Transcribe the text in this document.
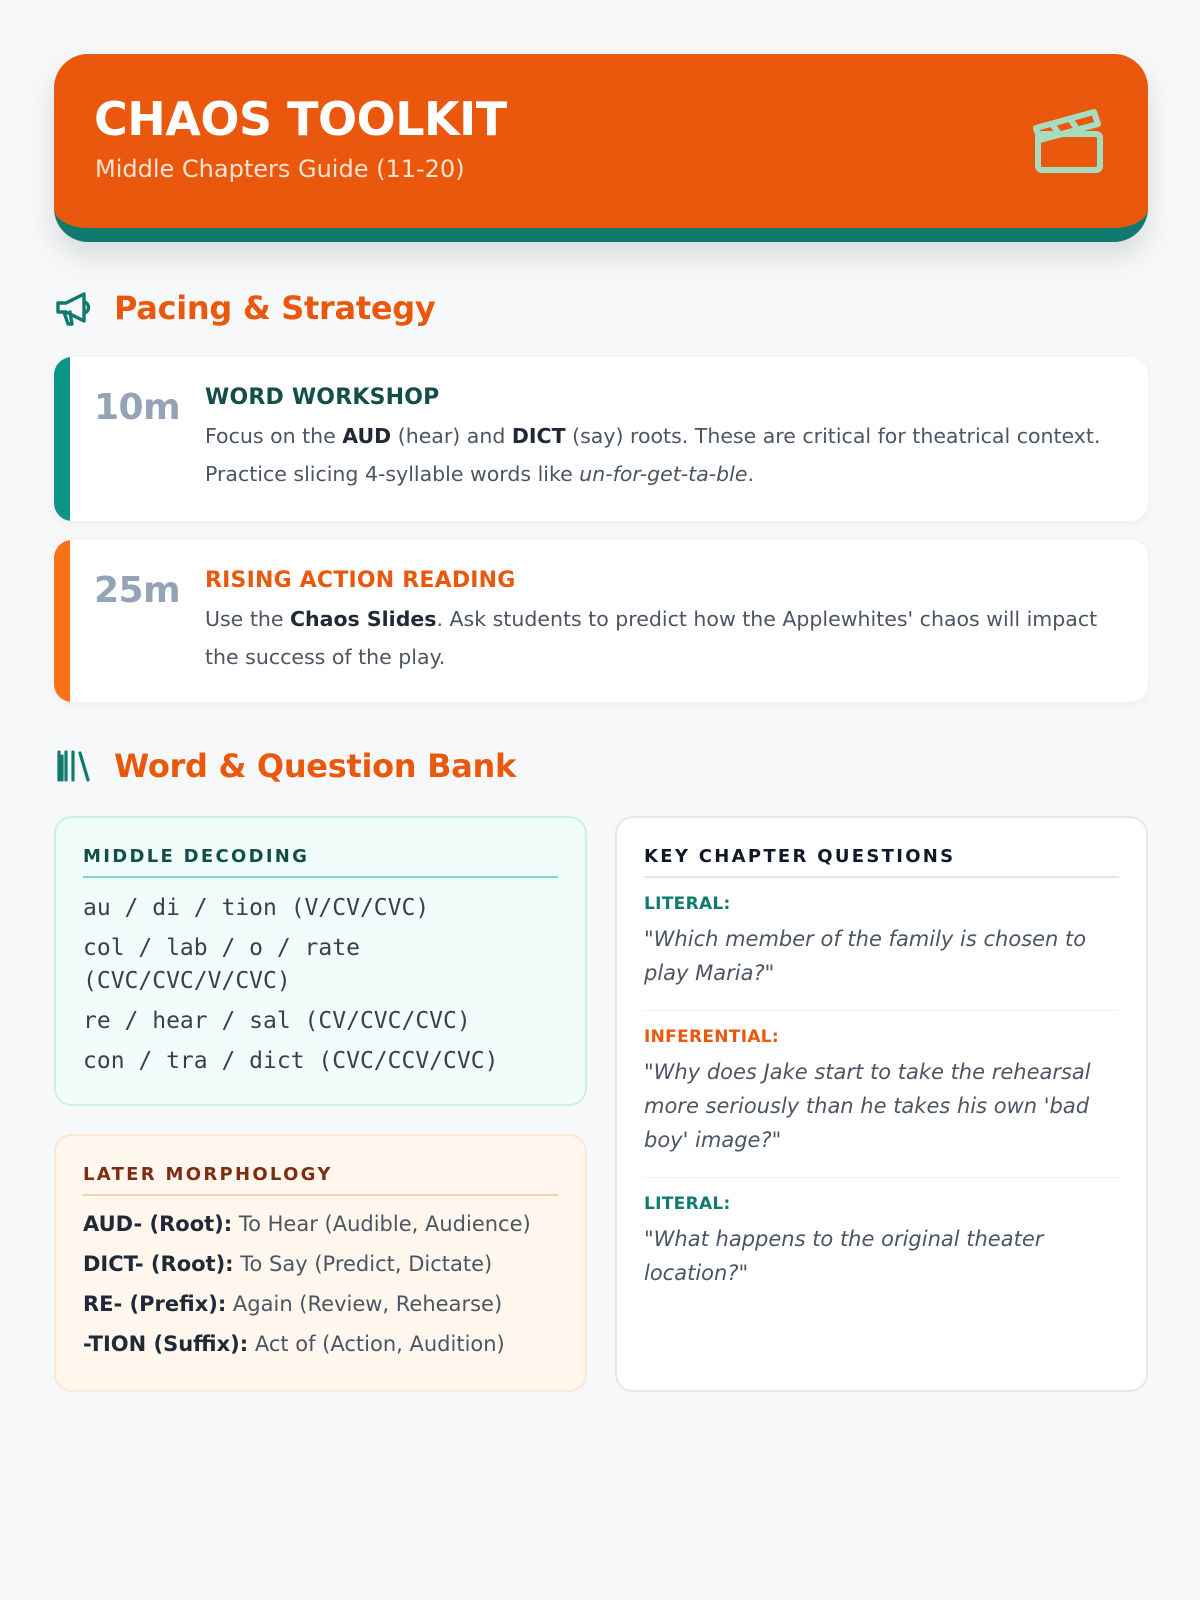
CHAOS TOOLKIT
Middle Chapters Guide (11-20)
Pacing & Strategy
10m WORD WORKSHOP
Focus on the AUD (hear) and DICT (say) roots. These are critical for theatrical context. Practice slicing 4-syllable words like un-for-get-ta-ble.
25m RISING ACTION READING
Use the Chaos Slides. Ask students to predict how the Applewhites' chaos will impact the success of the play.
Word & Question Bank
MIDDLE DECODING
au / di / tion (V/CV/CVC)
col / lab / o / rate (CVC/CVC/V/CVC)
re / hear / sal (CV/CVC/CVC)
con / tra / dict (CVC/CCV/CVC)
LATER MORPHOLOGY
AUD- (Root): To Hear (Audible, Audience)
DICT- (Root): To Say (Predict, Dictate)
RE- (Prefix): Again (Review, Rehearse)
-TION (Suffix): Act of (Action, Audition)
KEY CHAPTER QUESTIONS
LITERAL:
"Which member of the family is chosen to play Maria?"
INFERENTIAL:
"Why does Jake start to take the rehearsal more seriously than he takes his own 'bad boy' image?"
LITERAL:
"What happens to the original theater location?"
